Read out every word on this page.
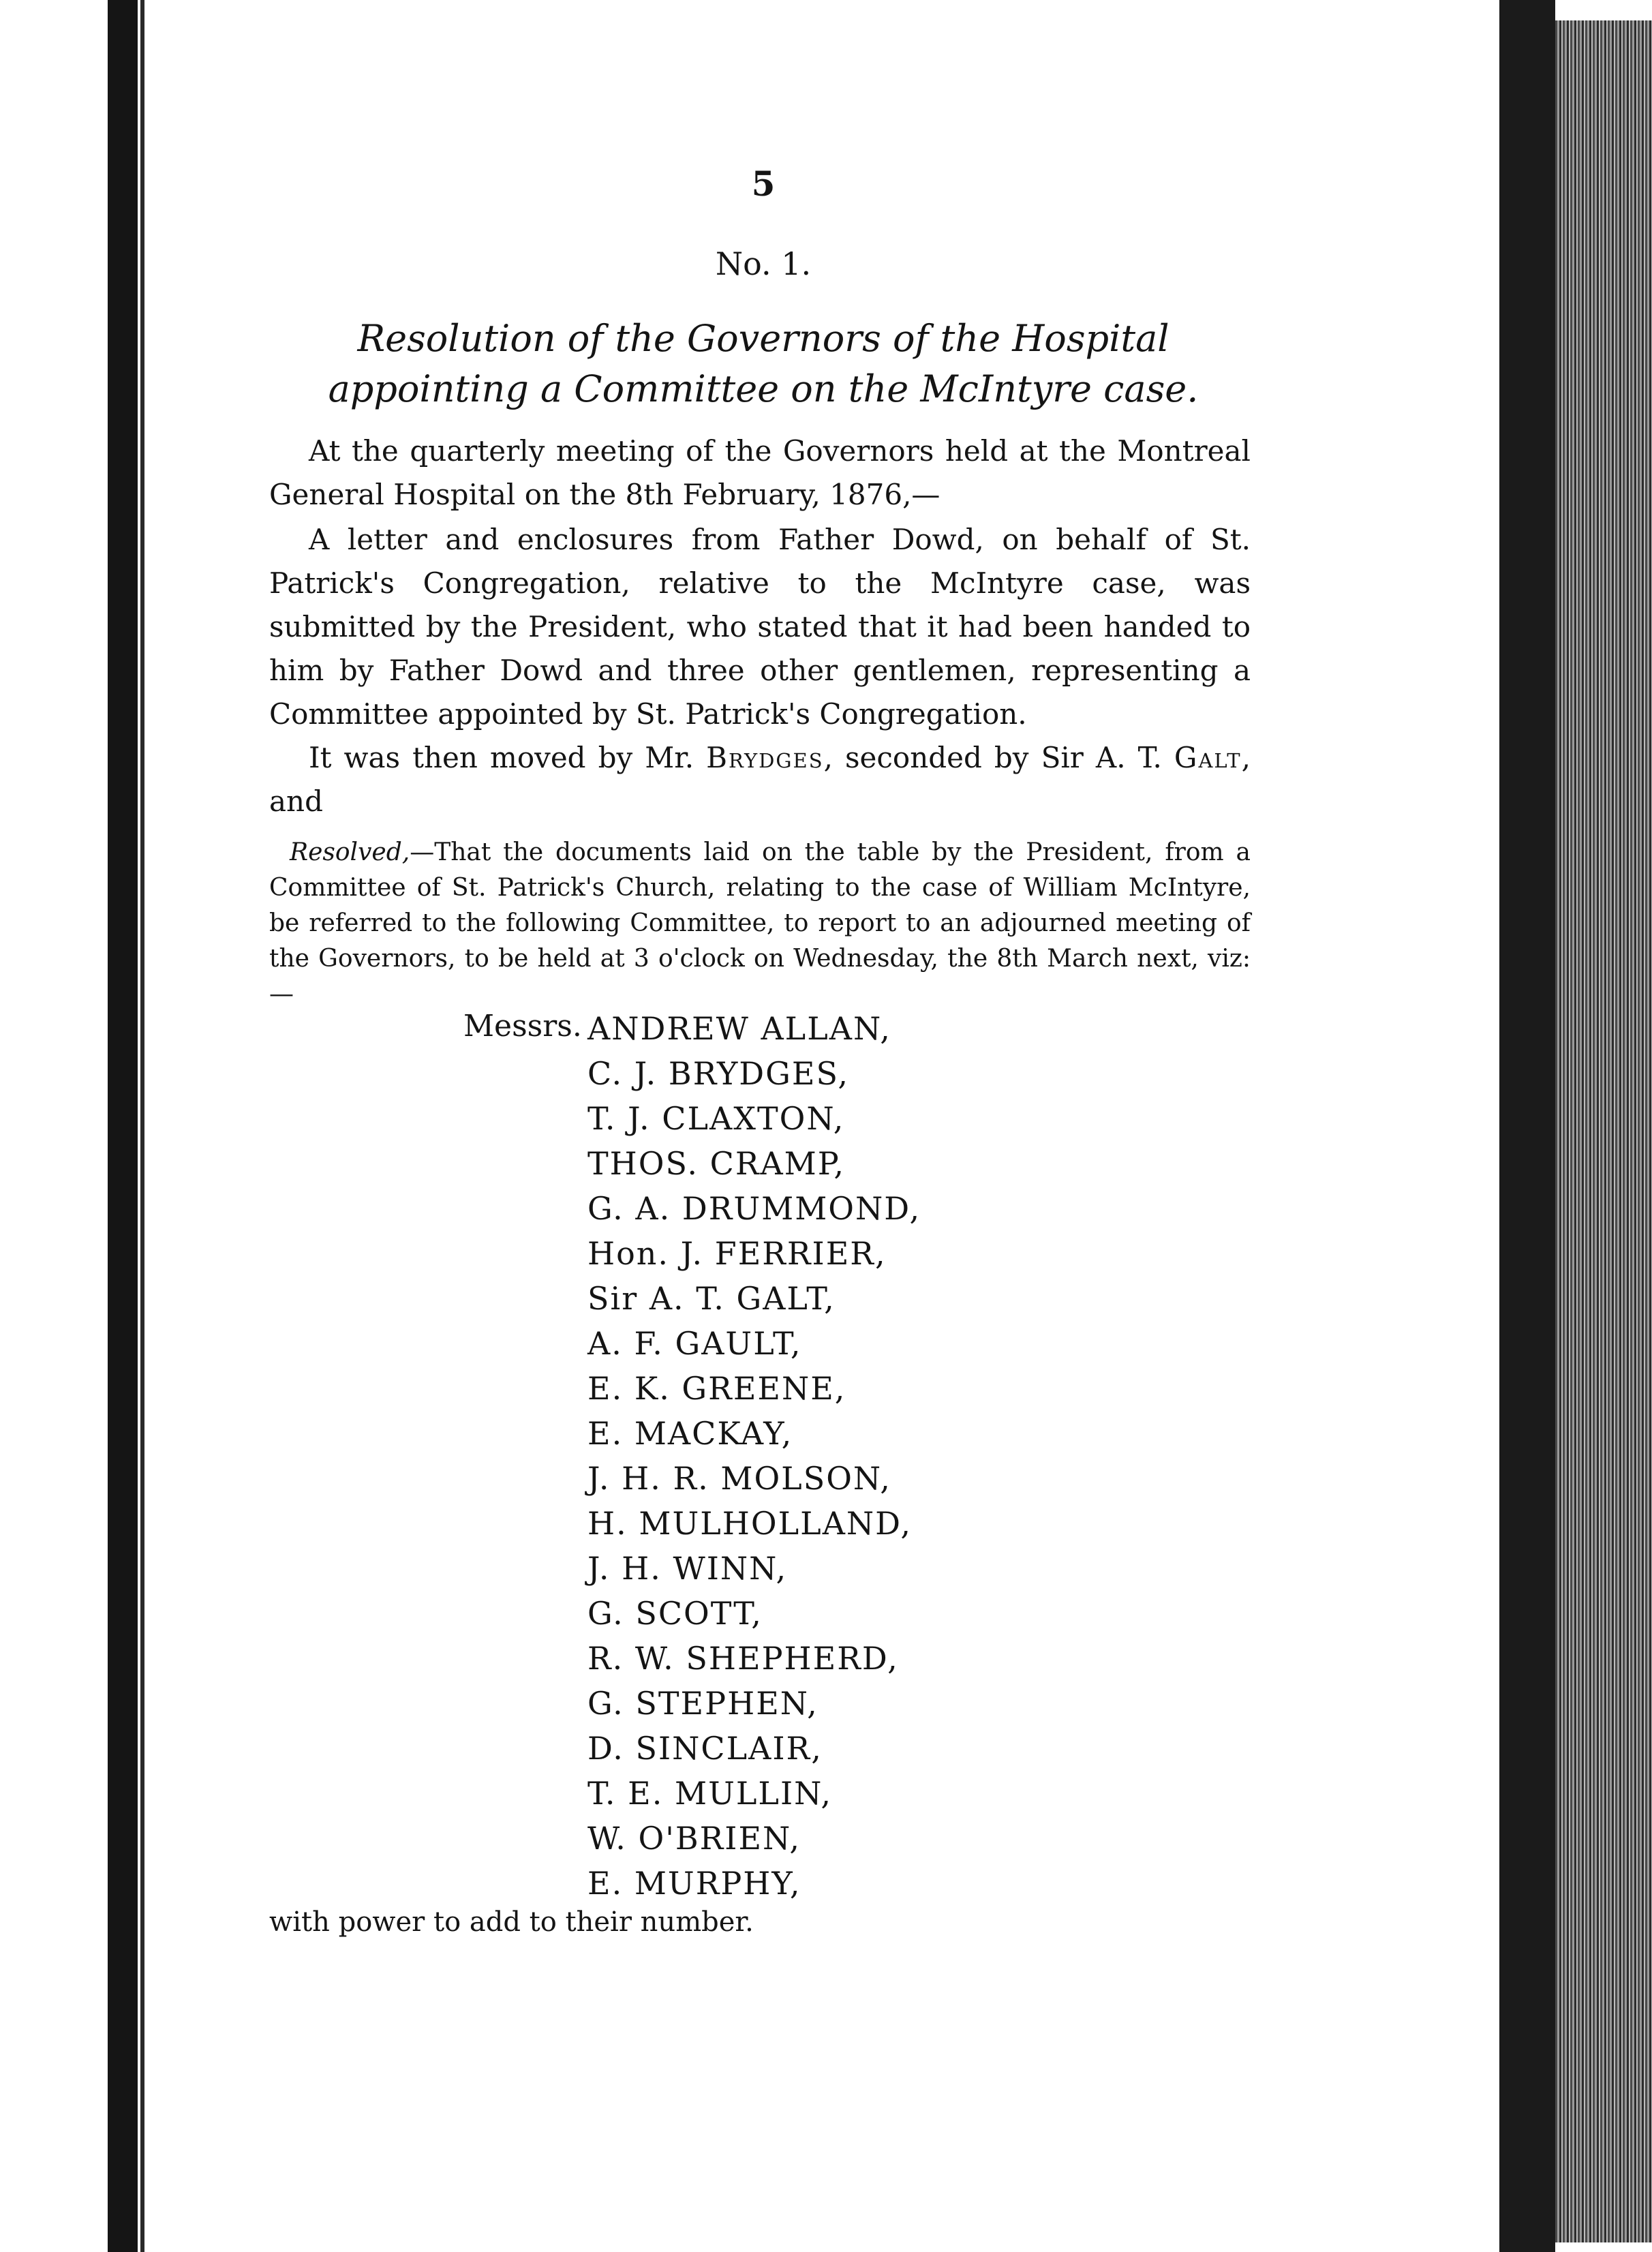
5
No. 1.
Resolution of the Governors of the Hospital appointing a Committee on the McIntyre case.
At the quarterly meeting of the Governors held at the Montreal General Hospital on the 8th February, 1876,—
A letter and enclosures from Father Dowd, on behalf of St. Patrick's Congregation, relative to the McIntyre case, was submitted by the President, who stated that it had been handed to him by Father Dowd and three other gentlemen, representing a Committee appointed by St. Patrick's Congregation.
It was then moved by Mr. Brydges, seconded by Sir A. T. Galt, and
Resolved,—That the documents laid on the table by the President, from a Committee of St. Patrick's Church, relating to the case of William McIntyre, be referred to the following Committee, to report to an adjourned meeting of the Governors, to be held at 3 o'clock on Wednesday, the 8th March next, viz:—
Messrs. ANDREW ALLAN,
C. J. BRYDGES,
T. J. CLAXTON,
THOS. CRAMP,
G. A. DRUMMOND,
Hon. J. FERRIER,
Sir A. T. GALT,
A. F. GAULT,
E. K. GREENE,
E. MACKAY,
J. H. R. MOLSON,
H. MULHOLLAND,
J. H. WINN,
G. SCOTT,
R. W. SHEPHERD,
G. STEPHEN,
D. SINCLAIR,
T. E. MULLIN,
W. O'BRIEN,
E. MURPHY,
with power to add to their number.
